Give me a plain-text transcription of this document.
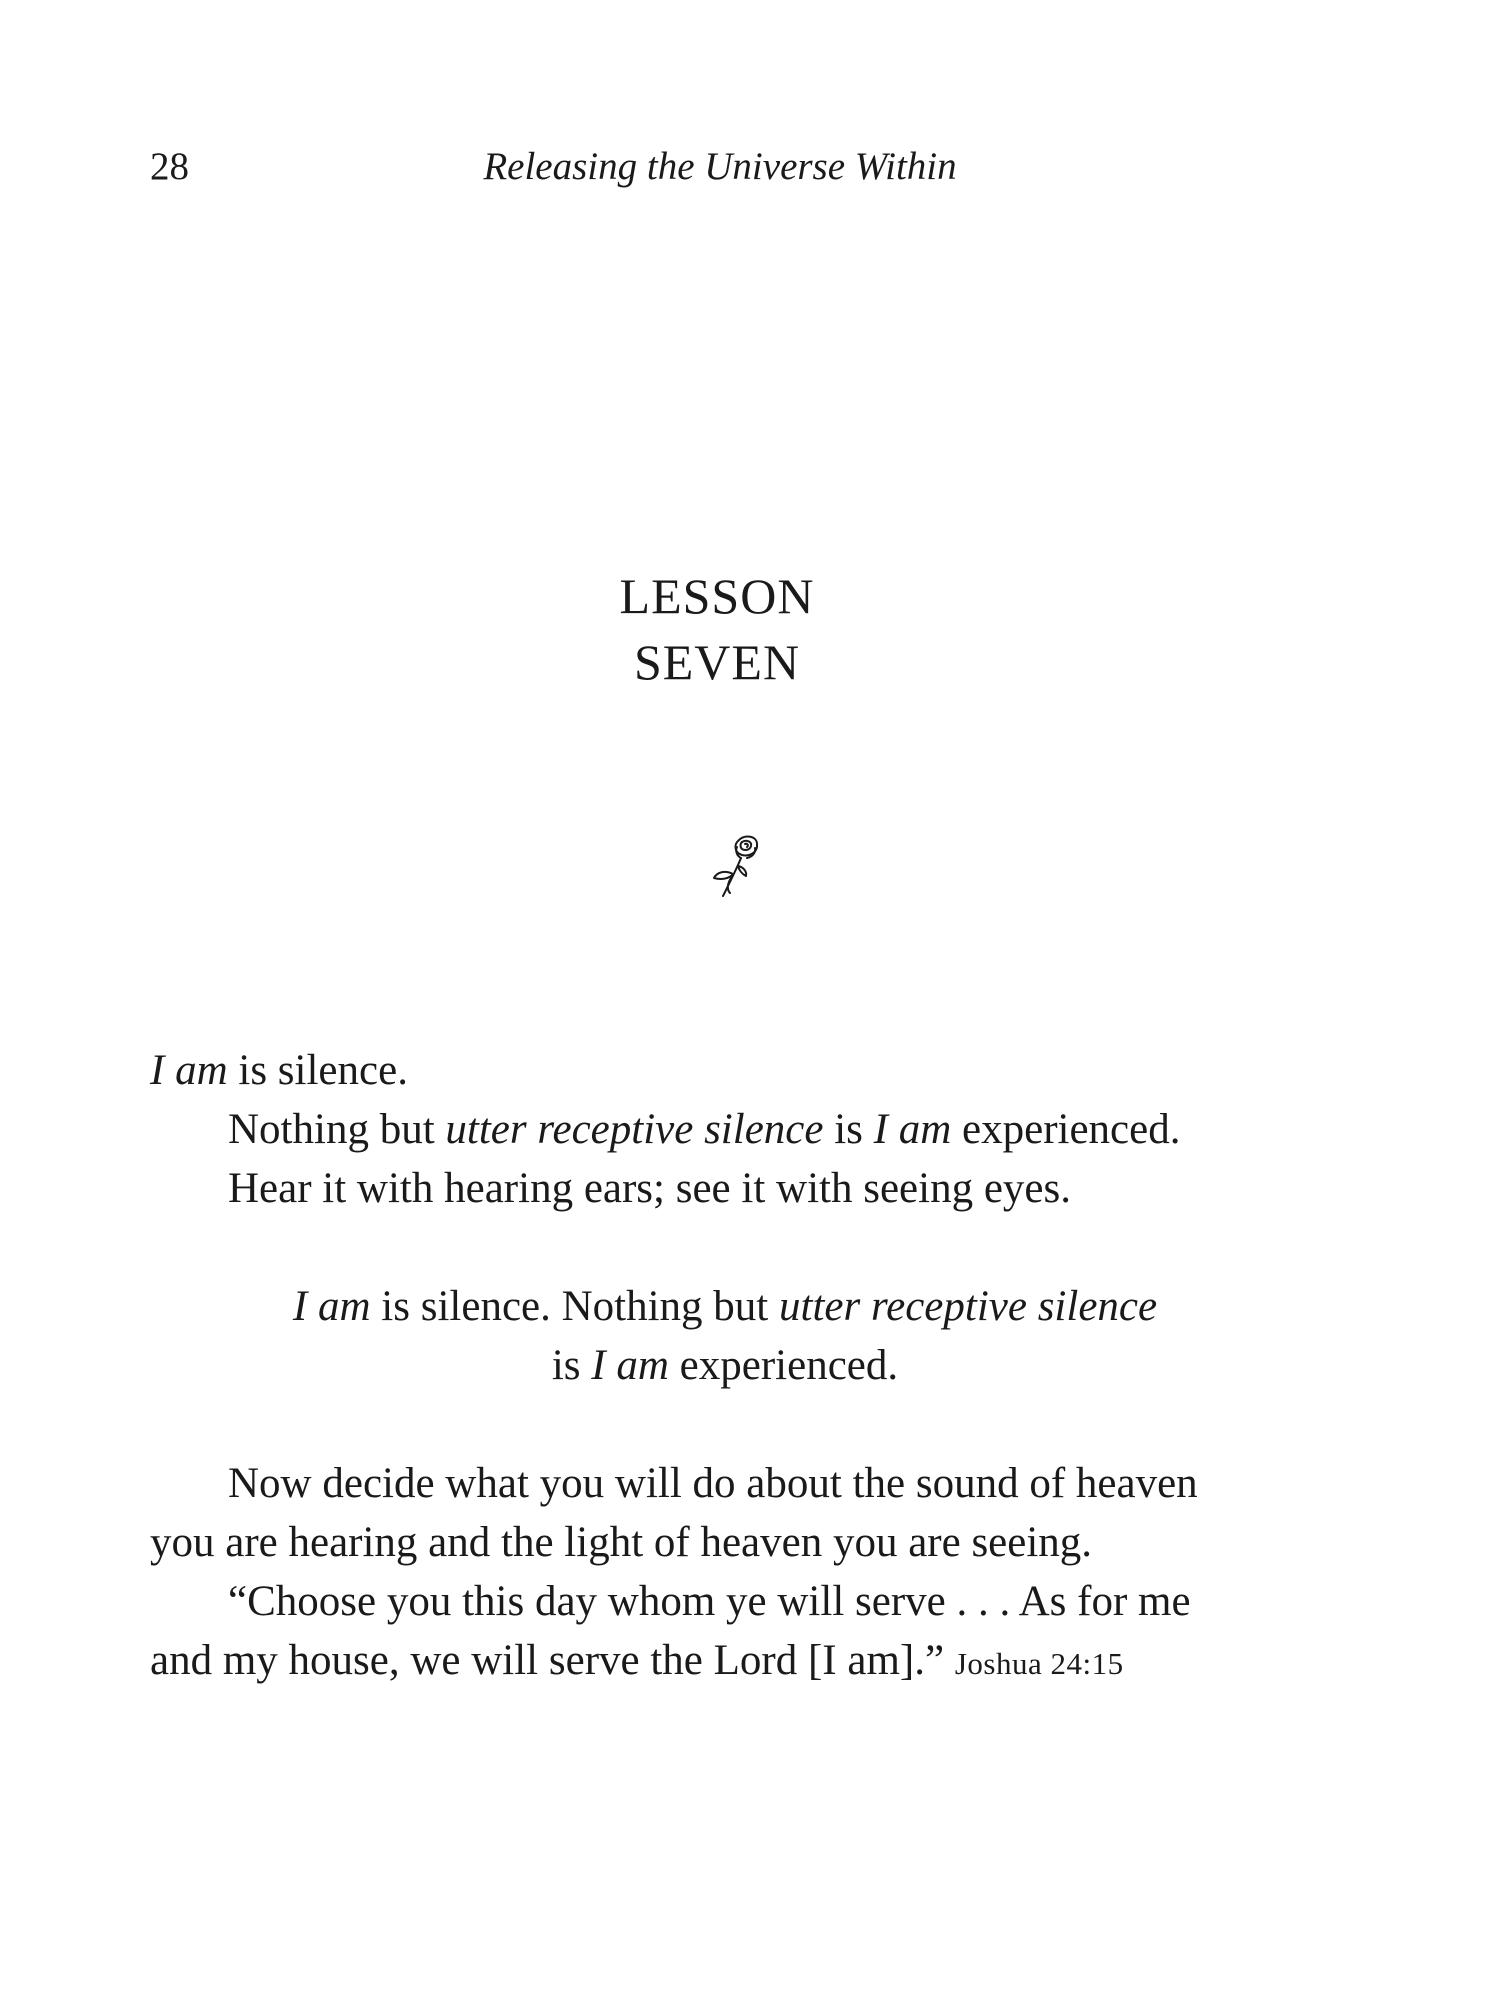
28	Releasing the Universe Within
LESSON
SEVEN

I am is silence.

Nothing but utter receptive silence is I am experienced.

Hear it with hearing ears; see it with seeing eyes.

I am is silence. Nothing but utter receptive silence

is I am experienced.

Now decide what you will do about the sound of heaven

you are hearing and the light of heaven you are seeing.

“Choose you this day whom ye will serve . . . As for me

and my house, we will serve the Lord [I am].” Joshua 24:15
